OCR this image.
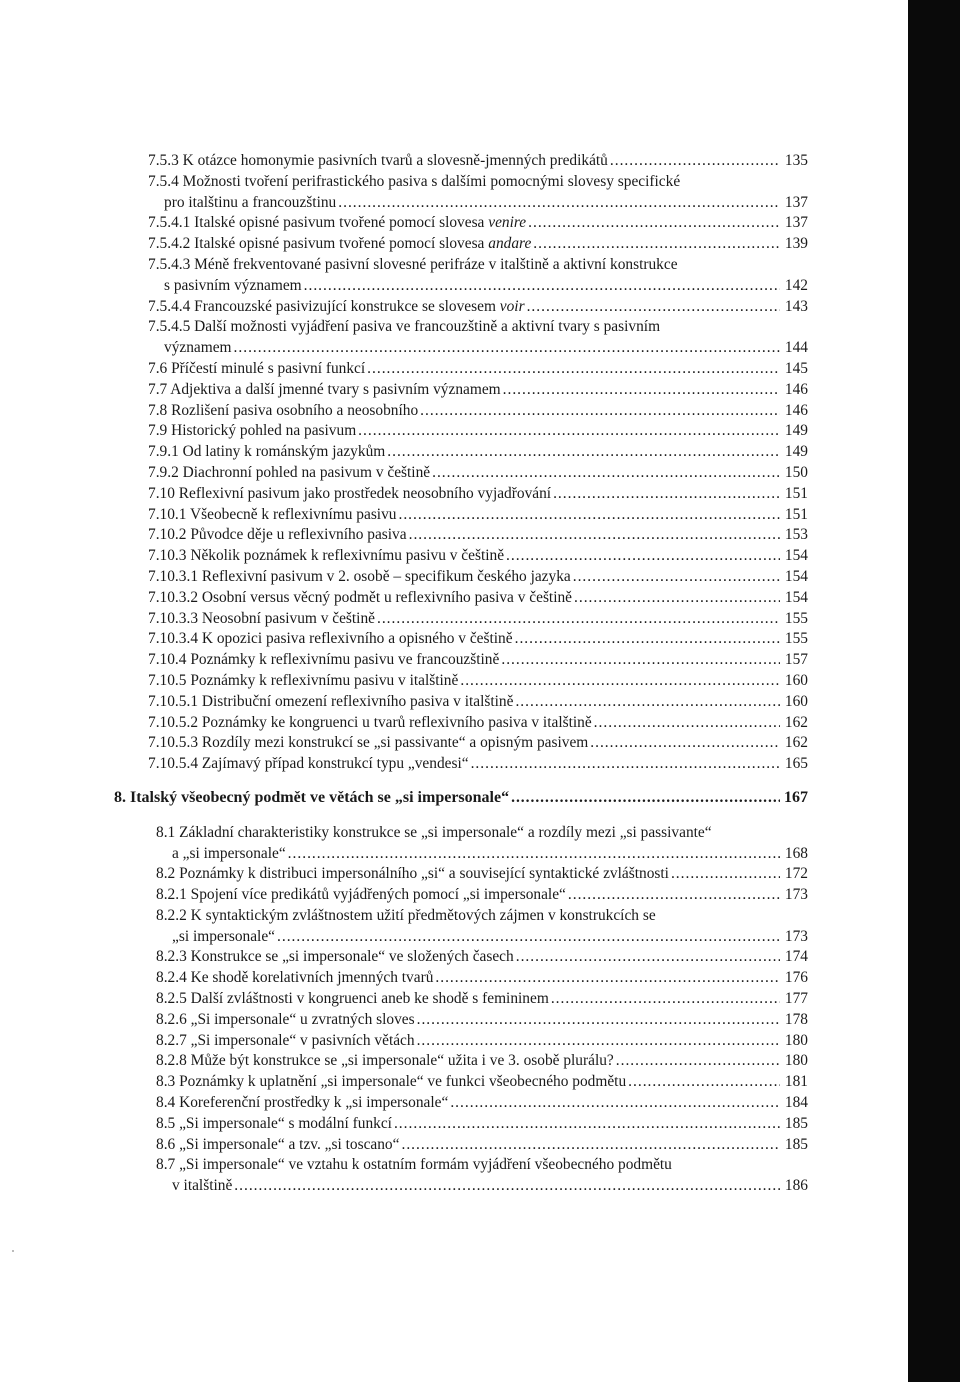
7.5.3 K otázce homonymie pasivních tvarů a slovesně-jmenných predikátů .....	135
7.5.4 Možnosti tvoření perifrastického pasiva s dalšími pomocnými slovesy specifické
pro italštinu a francouzštinu .....	137
7.5.4.1 Italské opisné pasivum tvořené pomocí slovesa venire .....	137
7.5.4.2 Italské opisné pasivum tvořené pomocí slovesa andare .....	139
7.5.4.3 Méně frekventované pasivní slovesné perifráze v italštině a aktivní konstrukce
s pasivním významem .....	142
7.5.4.4 Francouzské pasivizující konstrukce se slovesem voir .....	143
7.5.4.5 Další možnosti vyjádření pasiva ve francouzštině a aktivní tvary s pasivním
významem .....	144
7.6 Příčestí minulé s pasivní funkcí .....	145
7.7 Adjektiva a další jmenné tvary s pasivním významem .....	146
7.8 Rozlišení pasiva osobního a neosobního .....	146
7.9 Historický pohled na pasivum .....	149
7.9.1 Od latiny k románským jazykům .....	149
7.9.2 Diachronní pohled na pasivum v češtině .....	150
7.10 Reflexivní pasivum jako prostředek neosobního vyjadřování .....	151
7.10.1 Všeobecně k reflexivnímu pasivu .....	151
7.10.2 Původce děje u reflexivního pasiva .....	153
7.10.3 Několik poznámek k reflexivnímu pasivu v češtině .....	154
7.10.3.1 Reflexivní pasivum v 2. osobě – specifikum českého jazyka .....	154
7.10.3.2 Osobní versus věcný podmět u reflexivního pasiva v češtině .....	154
7.10.3.3 Neosobní pasivum v češtině .....	155
7.10.3.4 K opozici pasiva reflexivního a opisného v češtině .....	155
7.10.4 Poznámky k reflexivnímu pasivu ve francouzštině .....	157
7.10.5 Poznámky k reflexivnímu pasivu v italštině .....	160
7.10.5.1 Distribuční omezení reflexivního pasiva v italštině .....	160
7.10.5.2 Poznámky ke kongruenci u tvarů reflexivního pasiva v italštině .....	162
7.10.5.3 Rozdíly mezi konstrukcí se „si passivante“ a opisným pasivem .....	162
7.10.5.4 Zajímavý případ konstrukcí typu „vendesi“ .....	165
8. Italský všeobecný podmět ve větách se „si impersonale“ .....	167
8.1 Základní charakteristiky konstrukce se „si impersonale“ a rozdíly mezi „si passivante“
a „si impersonale“ .....	168
8.2 Poznámky k distribuci impersonálního „si“ a související syntaktické zvláštnosti .....	172
8.2.1 Spojení více predikátů vyjádřených pomocí „si impersonale“ .....	173
8.2.2 K syntaktickým zvláštnostem užití předmětových zájmen v konstrukcích se
„si impersonale“ .....	173
8.2.3 Konstrukce se „si impersonale“ ve složených časech .....	174
8.2.4 Ke shodě korelativních jmenných tvarů .....	176
8.2.5 Další zvláštnosti v kongruenci aneb ke shodě s femininem .....	177
8.2.6 „Si impersonale“ u zvratných sloves .....	178
8.2.7 „Si impersonale“ v pasivních větách .....	180
8.2.8 Může být konstrukce se „si impersonale“ užita i ve 3. osobě plurálu? .....	180
8.3 Poznámky k uplatnění „si impersonale“ ve funkci všeobecného podmětu .....	181
8.4 Koreferenční prostředky k „si impersonale“ .....	184
8.5 „Si impersonale“ s modální funkcí .....	185
8.6 „Si impersonale“ a tzv. „si toscano“ .....	185
8.7 „Si impersonale“ ve vztahu k ostatním formám vyjádření všeobecného podmětu
v italštině .....	186
